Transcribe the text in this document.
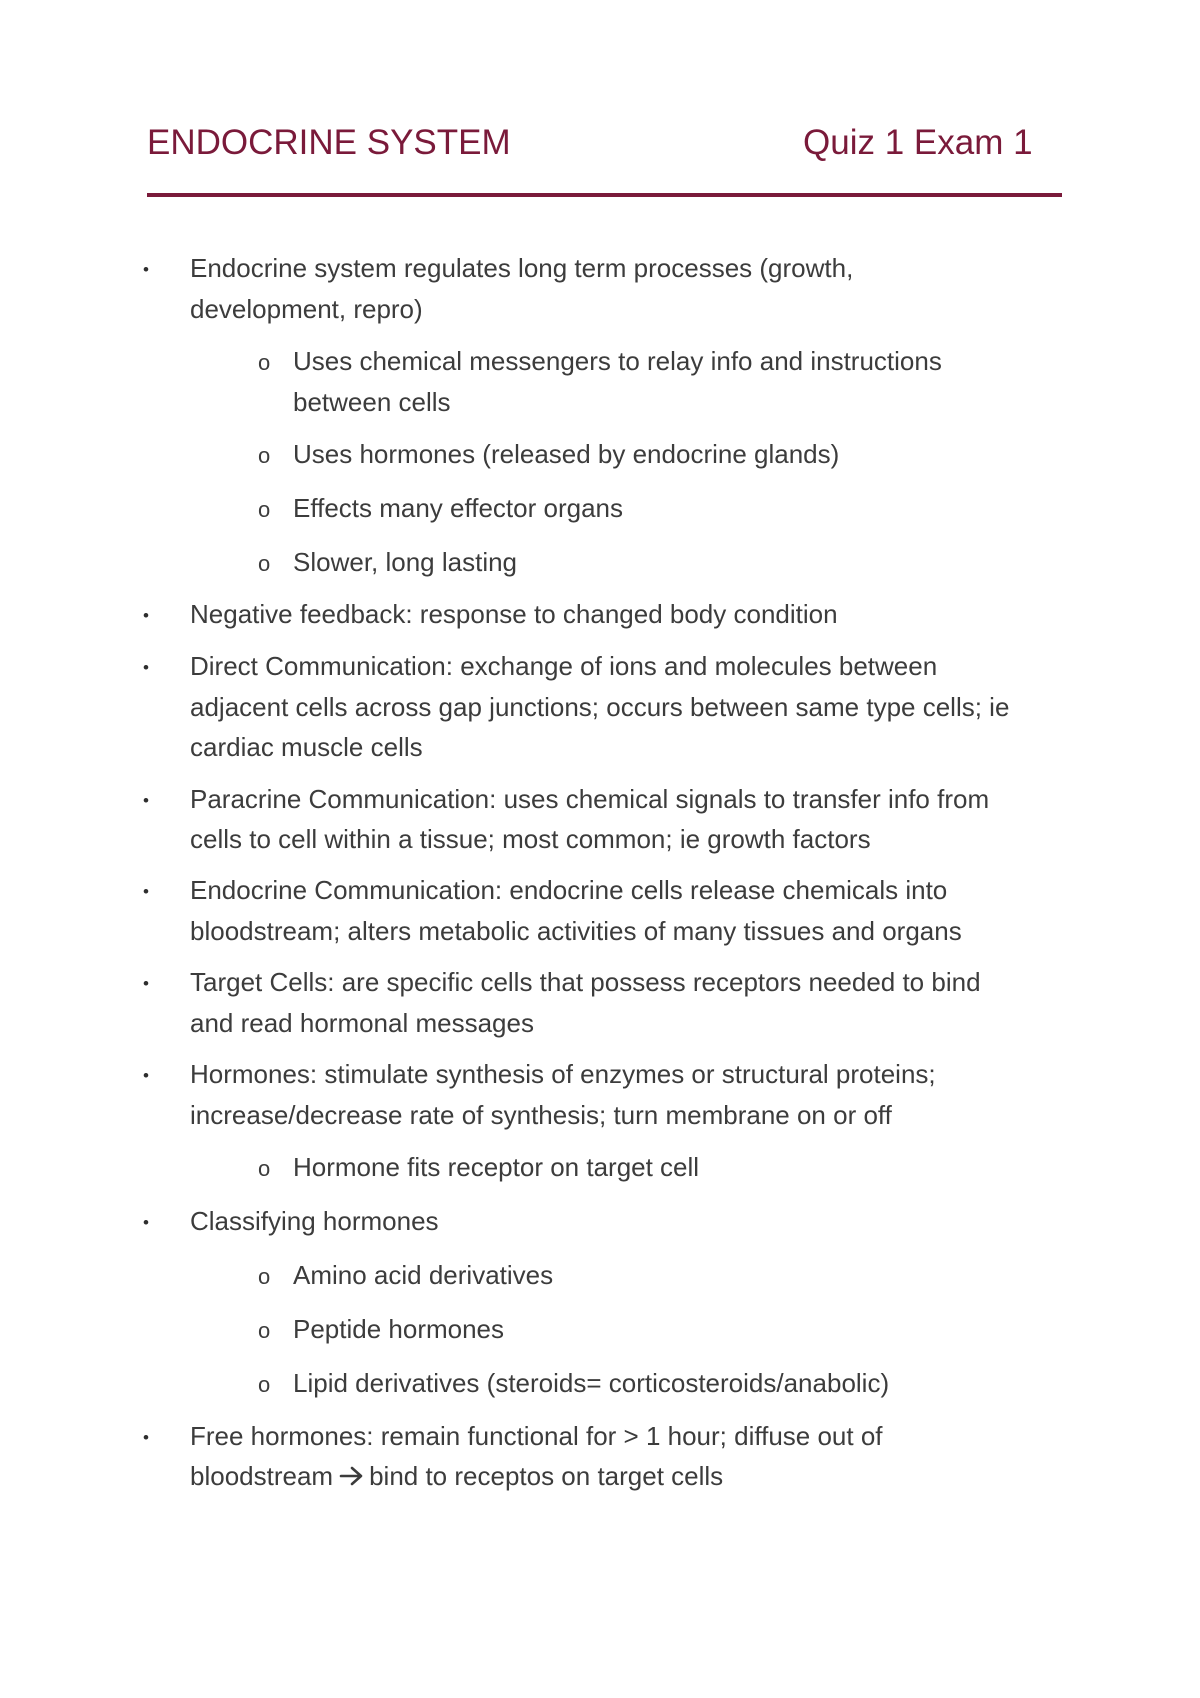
ENDOCRINE SYSTEM	Quiz 1 Exam 1
• Endocrine system regulates long term processes (growth,
development, repro)
o Uses chemical messengers to relay info and instructions
between cells
o Uses hormones (released by endocrine glands)
o Effects many effector organs
o Slower, long lasting
• Negative feedback: response to changed body condition
• Direct Communication: exchange of ions and molecules between
adjacent cells across gap junctions; occurs between same type cells; ie
cardiac muscle cells
• Paracrine Communication: uses chemical signals to transfer info from
cells to cell within a tissue; most common; ie growth factors
• Endocrine Communication: endocrine cells release chemicals into
bloodstream; alters metabolic activities of many tissues and organs
• Target Cells: are specific cells that possess receptors needed to bind
and read hormonal messages
• Hormones: stimulate synthesis of enzymes or structural proteins;
increase/decrease rate of synthesis; turn membrane on or off
o Hormone fits receptor on target cell
• Classifying hormones
o Amino acid derivatives
o Peptide hormones
o Lipid derivatives (steroids= corticosteroids/anabolic)
• Free hormones: remain functional for > 1 hour; diffuse out of
bloodstream bind to receptos on target cells
